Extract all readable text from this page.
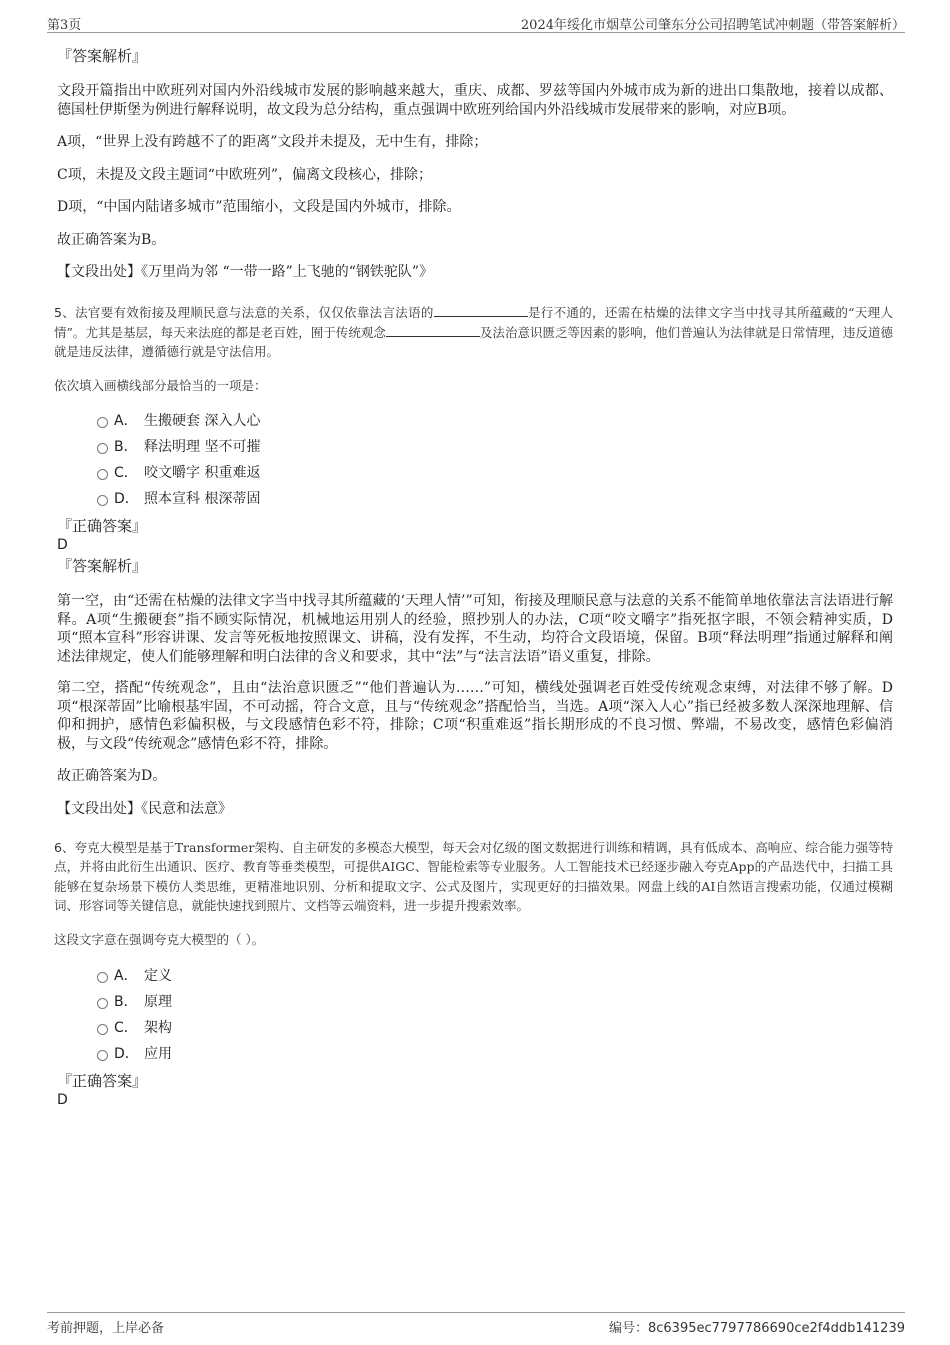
第3页	2024年绥化市烟草公司肇东分公司招聘笔试冲刺题（带答案解析）

『答案解析』

文段开篇指出中欧班列对国内外沿线城市发展的影响越来越大，重庆、成都、罗兹等国内外城市成为新的进出口集散地，接着以成都、德国杜伊斯堡为例进行解释说明，故文段为总分结构，重点强调中欧班列给国内外沿线城市发展带来的影响，对应B项。

A项，“世界上没有跨越不了的距离”文段并未提及，无中生有，排除；

C项，未提及文段主题词“中欧班列”，偏离文段核心，排除；

D项，“中国内陆诸多城市”范围缩小，文段是国内外城市，排除。

故正确答案为B。

【文段出处】《万里尚为邻 “一带一路”上飞驰的“钢铁驼队”》

5、法官要有效衔接及理顺民意与法意的关系，仅仅依靠法言法语的	是行不通的，还需在枯燥的法律文字当中找寻其所蕴藏的“天理人情”。尤其是基层，每天来法庭的都是老百姓，囿于传统观念	及法治意识匮乏等因素的影响，他们普遍认为法律就是日常情理，违反道德就是违反法律，遵循德行就是守法信用。

依次填入画横线部分最恰当的一项是：

A． 生搬硬套 深入人心
B． 释法明理 坚不可摧
C． 咬文嚼字 积重难返
D． 照本宣科 根深蒂固

『正确答案』

D

『答案解析』

第一空，由“还需在枯燥的法律文字当中找寻其所蕴藏的‘天理人情’”可知，衔接及理顺民意与法意的关系不能简单地依靠法言法语进行解释。A项“生搬硬套”指不顾实际情况，机械地运用别人的经验，照抄别人的办法，C项“咬文嚼字”指死抠字眼，不领会精神实质，D项“照本宣科”形容讲课、发言等死板地按照课文、讲稿，没有发挥，不生动，均符合文段语境，保留。B项“释法明理”指通过解释和阐述法律规定，使人们能够理解和明白法律的含义和要求，其中“法”与“法言法语”语义重复，排除。

第二空，搭配“传统观念”，且由“法治意识匮乏”“他们普遍认为……”可知，横线处强调老百姓受传统观念束缚，对法律不够了解。D项“根深蒂固”比喻根基牢固，不可动摇，符合文意，且与“传统观念”搭配恰当，当选。A项“深入人心”指已经被多数人深深地理解、信仰和拥护，感情色彩偏积极，与文段感情色彩不符，排除；C项“积重难返”指长期形成的不良习惯、弊端，不易改变，感情色彩偏消极，与文段“传统观念”感情色彩不符，排除。

故正确答案为D。

【文段出处】《民意和法意》

6、夸克大模型是基于Transformer架构、自主研发的多模态大模型，每天会对亿级的图文数据进行训练和精调，具有低成本、高响应、综合能力强等特点，并将由此衍生出通识、医疗、教育等垂类模型，可提供AIGC、智能检索等专业服务。人工智能技术已经逐步融入夸克App的产品迭代中，扫描工具能够在复杂场景下模仿人类思维，更精准地识别、分析和提取文字、公式及图片，实现更好的扫描效果。网盘上线的AI自然语言搜索功能，仅通过模糊词、形容词等关键信息，就能快速找到照片、文档等云端资料，进一步提升搜索效率。

这段文字意在强调夸克大模型的（ ）。

A． 定义
B． 原理
C． 架构
D． 应用

『正确答案』

D

考前押题，上岸必备	编号：8c6395ec7797786690ce2f4ddb141239
